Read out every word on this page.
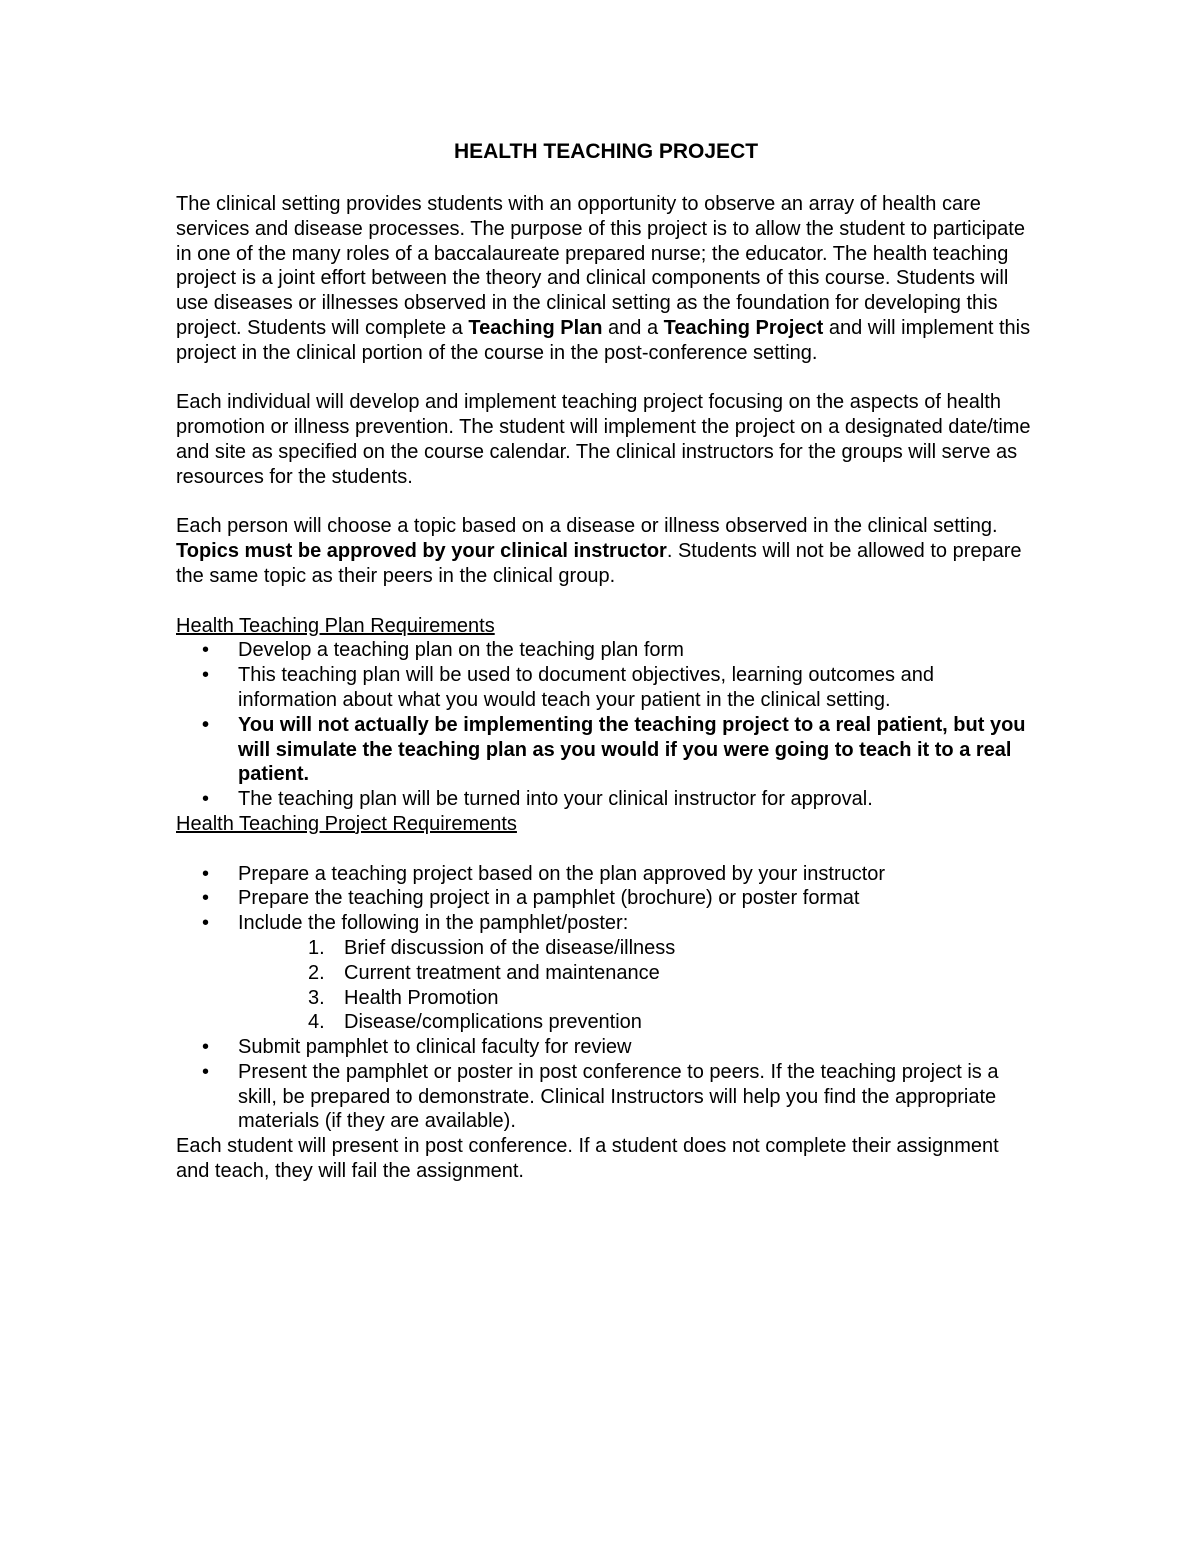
HEALTH TEACHING PROJECT

The clinical setting provides students with an opportunity to observe an array of health care services and disease processes. The purpose of this project is to allow the student to participate in one of the many roles of a baccalaureate prepared nurse; the educator. The health teaching project is a joint effort between the theory and clinical components of this course. Students will use diseases or illnesses observed in the clinical setting as the foundation for developing this project. Students will complete a Teaching Plan and a Teaching Project and will implement this project in the clinical portion of the course in the post-conference setting.

Each individual will develop and implement teaching project focusing on the aspects of health promotion or illness prevention. The student will implement the project on a designated date/time and site as specified on the course calendar. The clinical instructors for the groups will serve as resources for the students.

Each person will choose a topic based on a disease or illness observed in the clinical setting. Topics must be approved by your clinical instructor. Students will not be allowed to prepare the same topic as their peers in the clinical group.

Health Teaching Plan Requirements

• Develop a teaching plan on the teaching plan form
• This teaching plan will be used to document objectives, learning outcomes and information about what you would teach your patient in the clinical setting.
• You will not actually be implementing the teaching project to a real patient, but you will simulate the teaching plan as you would if you were going to teach it to a real patient.
• The teaching plan will be turned into your clinical instructor for approval.

Health Teaching Project Requirements

• Prepare a teaching project based on the plan approved by your instructor
• Prepare the teaching project in a pamphlet (brochure) or poster format
• Include the following in the pamphlet/poster:
1. Brief discussion of the disease/illness
2. Current treatment and maintenance
3. Health Promotion
4. Disease/complications prevention
• Submit pamphlet to clinical faculty for review
• Present the pamphlet or poster in post conference to peers. If the teaching project is a skill, be prepared to demonstrate. Clinical Instructors will help you find the appropriate materials (if they are available).

Each student will present in post conference. If a student does not complete their assignment and teach, they will fail the assignment.
